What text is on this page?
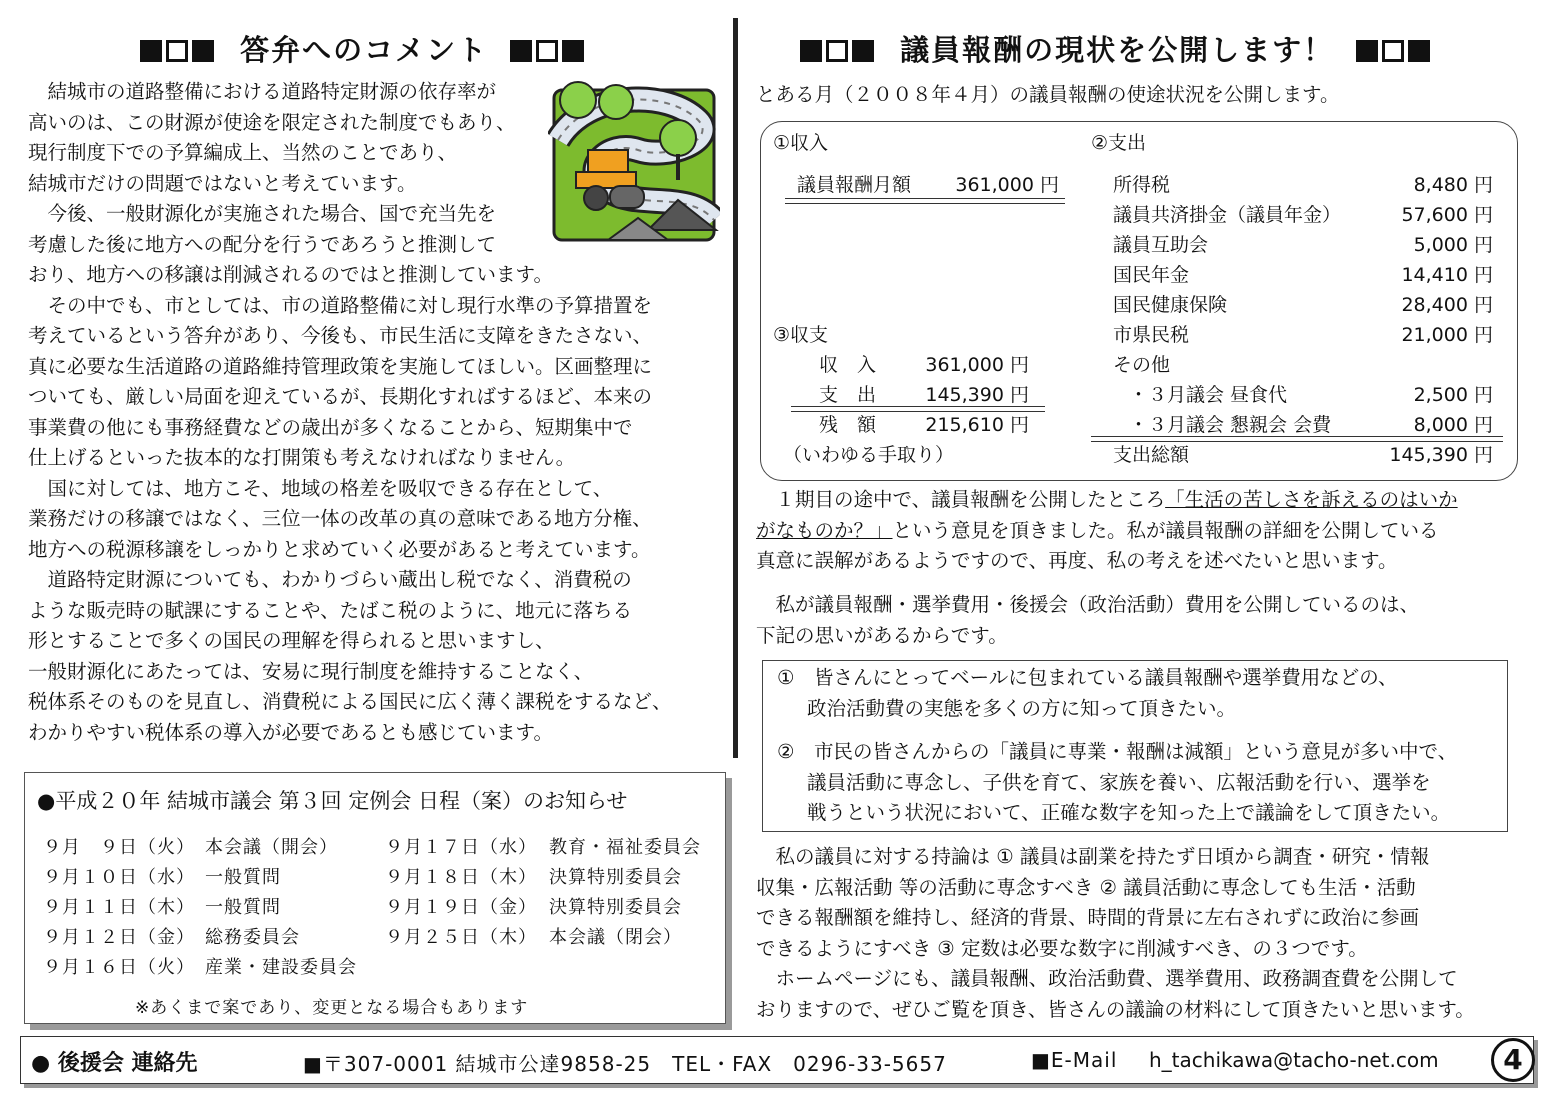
答弁へのコメント

　結城市の道路整備における道路特定財源の依存率が

高いのは、この財源が使途を限定された制度でもあり、

現行制度下での予算編成上、当然のことであり、

結城市だけの問題ではないと考えています。

　今後、一般財源化が実施された場合、国で充当先を

考慮した後に地方への配分を行うであろうと推測して

おり、地方への移譲は削減されるのではと推測しています。

　その中でも、市としては、市の道路整備に対し現行水準の予算措置を

考えているという答弁があり、今後も、市民生活に支障をきたさない、

真に必要な生活道路の道路維持管理政策を実施してほしい。区画整理に

ついても、厳しい局面を迎えているが、長期化すればするほど、本来の

事業費の他にも事務経費などの歳出が多くなることから、短期集中で

仕上げるといった抜本的な打開策も考えなければなりません。

　国に対しては、地方こそ、地域の格差を吸収できる存在として、

業務だけの移譲ではなく、三位一体の改革の真の意味である地方分権、

地方への税源移譲をしっかりと求めていく必要があると考えています。

　道路特定財源についても、わかりづらい蔵出し税でなく、消費税の

ような販売時の賦課にすることや、たばこ税のように、地元に落ちる

形とすることで多くの国民の理解を得られると思いますし、

一般財源化にあたっては、安易に現行制度を維持することなく、

税体系そのものを見直し、消費税による国民に広く薄く課税をするなど、

わかりやすい税体系の導入が必要であるとも感じています。

●平成２０年 結城市議会 第３回 定例会 日程（案）のお知らせ
９月　９日（火） 本会議（開会）
９月１０日（水） 一般質問
９月１１日（木） 一般質問
９月１２日（金） 総務委員会
９月１６日（火） 産業・建設委員会
９月１７日（水） 教育・福祉委員会
９月１８日（木） 決算特別委員会
９月１９日（金） 決算特別委員会
９月２５日（木） 本会議（閉会）
※あくまで案であり、変更となる場合もあります
議員報酬の現状を公開します！
とある月（２００８年４月）の議員報酬の使途状況を公開します。
①収入
議員報酬月額	361,000 円
③収支
収　入	361,000 円
支　出	145,390 円
残　額	215,610 円
（いわゆる手取り）
②支出
所得税	8,480 円
議員共済掛金（議員年金）	57,600 円
議員互助会	5,000 円
国民年金	14,410 円
国民健康保険	28,400 円
市県民税	21,000 円
その他
・３月議会 昼食代	2,500 円
・３月議会 懇親会 会費	8,000 円
支出総額	145,390 円

　１期目の途中で、議員報酬を公開したところ「生活の苦しさを訴えるのはいか

がなものか？」という意見を頂きました。私が議員報酬の詳細を公開している

真意に誤解があるようですので、再度、私の考えを述べたいと思います。

　私が議員報酬・選挙費用・後援会（政治活動）費用を公開しているのは、

下記の思いがあるからです。

①　 皆さんにとってベールに包まれている議員報酬や選挙費用などの、

政治活動費の実態を多くの方に知って頂きたい。

②　 市民の皆さんからの「議員に専業・報酬は減額」という意見が多い中で、

議員活動に専念し、子供を育て、家族を養い、広報活動を行い、選挙を

戦うという状況において、正確な数字を知った上で議論をして頂きたい。

　私の議員に対する持論は ① 議員は副業を持たず日頃から調査・研究・情報

収集・広報活動 等の活動に専念すべき ② 議員活動に専念しても生活・活動

できる報酬額を維持し、経済的背景、時間的背景に左右されずに政治に参画

できるようにすべき ③ 定数は必要な数字に削減すべき、の３つです。

　ホームページにも、議員報酬、政治活動費、選挙費用、政務調査費を公開して

おりますので、ぜひご覧を頂き、皆さんの議論の材料にして頂きたいと思います。

● 後援会 連絡先	■〒307-0001 結城市公達9858-25　TEL・FAX　0296-33-5657	■E-Mail h_tachikawa@tacho-net.com	4
